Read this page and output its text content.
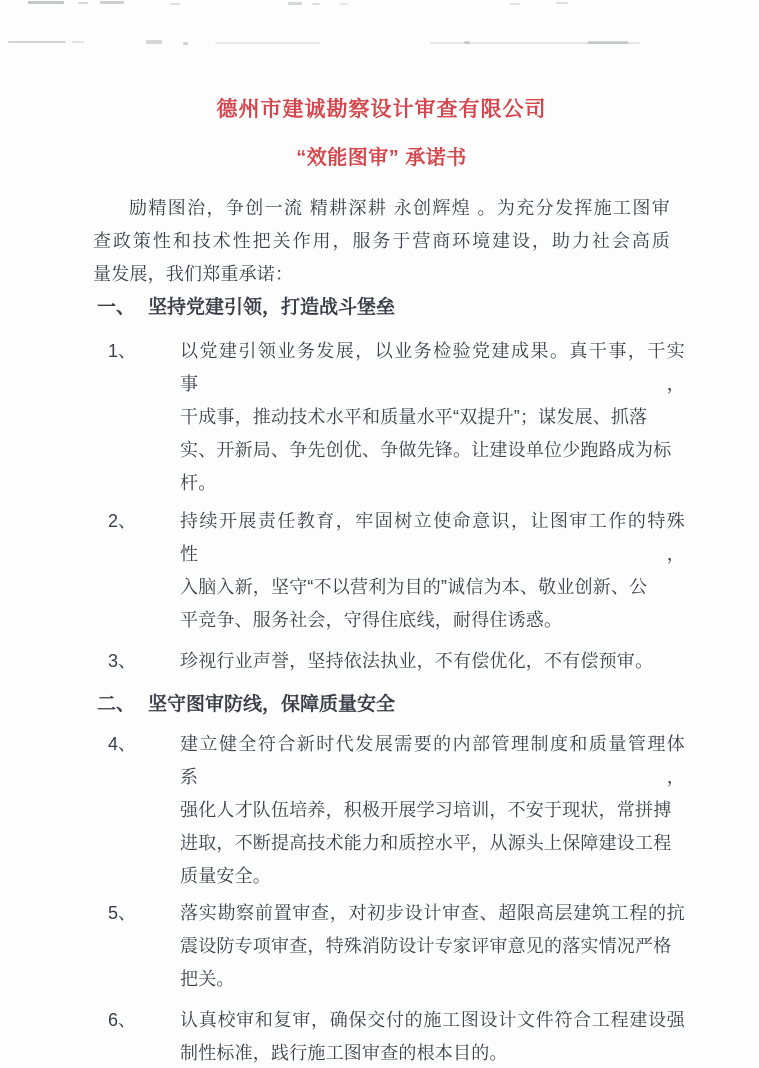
德州市建诚勘察设计审查有限公司
“效能图审” 承诺书
励精图治，争创一流 精耕深耕 永创辉煌 。为充分发挥施工图审
查政策性和技术性把关作用，服务于营商环境建设，助力社会高质
量发展，我们郑重承诺：
一、 坚持党建引领，打造战斗堡垒
1、	以党建引领业务发展，以业务检验党建成果。真干事，干实事，
干成事，推动技术水平和质量水平“双提升”；谋发展、抓落
实、开新局、争先创优、争做先锋。让建设单位少跑路成为标
杆。
2、	持续开展责任教育，牢固树立使命意识，让图审工作的特殊性，
入脑入新，坚守“不以营利为目的”诚信为本、敬业创新、公
平竞争、服务社会，守得住底线，耐得住诱惑。
3、	珍视行业声誉，坚持依法执业，不有偿优化，不有偿预审。
二、 坚守图审防线，保障质量安全
4、	建立健全符合新时代发展需要的内部管理制度和质量管理体系，
强化人才队伍培养，积极开展学习培训，不安于现状，常拼搏
进取，不断提高技术能力和质控水平，从源头上保障建设工程
质量安全。
5、	落实勘察前置审查，对初步设计审查、超限高层建筑工程的抗
震设防专项审查，特殊消防设计专家评审意见的落实情况严格
把关。
6、	认真校审和复审，确保交付的施工图设计文件符合工程建设强
制性标准，践行施工图审查的根本目的。
